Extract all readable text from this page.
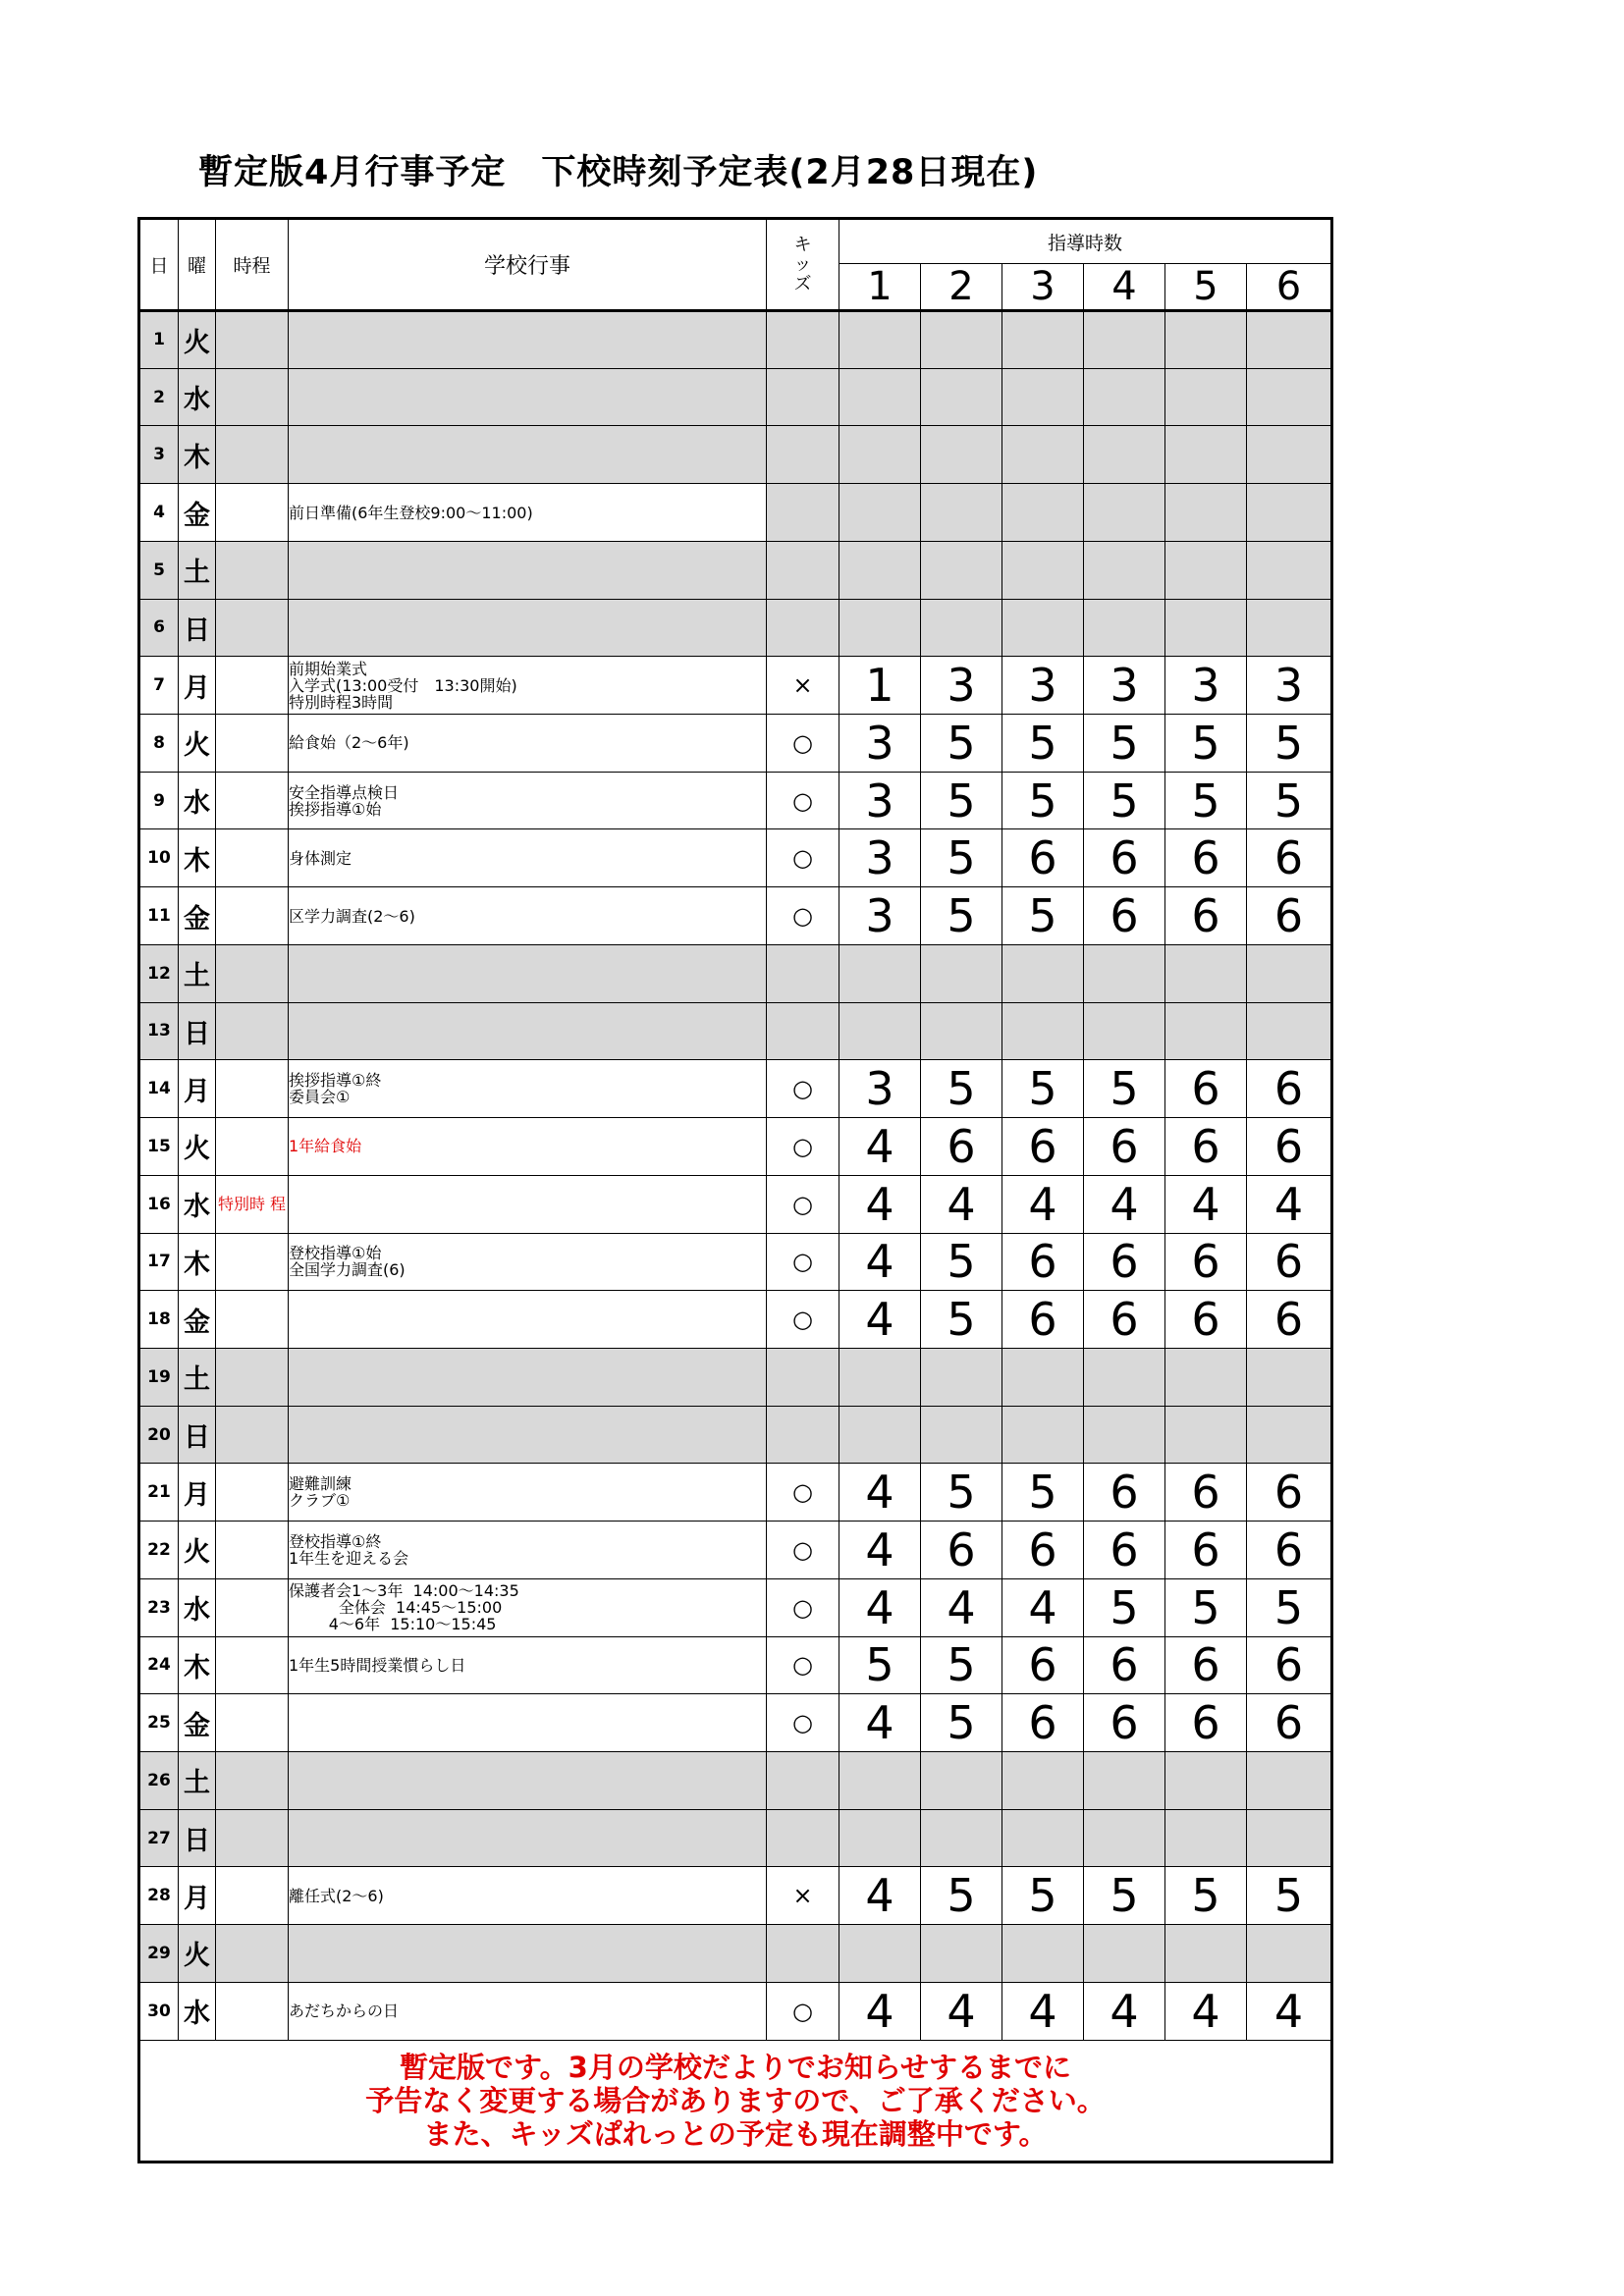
暫定版4月行事予定　下校時刻予定表(2月28日現在)
日	曜	時程	学校行事	キ
ッ
ズ	指導時数					
					1	2	3	4	5	6
1	火									
2	水									
3	木									
4	金		前日準備(6年生登校9:00～11:00)							
5	土									
6	日									
7	月		前期始業式
入学式(13:00受付　13:30開始)
特別時程3時間	×	1	3	3	3	3	3
8	火		給食始（2～6年)	○	3	5	5	5	5	5
9	水		安全指導点検日
挨拶指導①始	○	3	5	5	5	5	5
10	木		身体測定	○	3	5	6	6	6	6
11	金		区学力調査(2～6)	○	3	5	5	6	6	6
12	土									
13	日									
14	月		挨拶指導①終
委員会①	○	3	5	5	5	6	6
15	火		1年給食始	○	4	6	6	6	6	6
16	水	特別時 程		○	4	4	4	4	4	4
17	木		登校指導①始
全国学力調査(6)	○	4	5	6	6	6	6
18	金			○	4	5	6	6	6	6
19	土									
20	日									
21	月		避難訓練
クラブ①	○	4	5	5	6	6	6
22	火		登校指導①終
1年生を迎える会	○	4	6	6	6	6	6
23	水		保護者会1～3年  14:00～14:35
全体会  14:45～15:00
4～6年  15:10～15:45	○	4	4	4	5	5	5
24	木		1年生5時間授業慣らし日	○	5	5	6	6	6	6
25	金			○	4	5	6	6	6	6
26	土									
27	日									
28	月		離任式(2～6)	×	4	5	5	5	5	5
29	火									
30	水		あだちからの日	○	4	4	4	4	4	4

暫定版です。3月の学校だよりでお知らせするまでに
予告なく変更する場合がありますので、ご了承ください。
また、キッズぱれっとの予定も現在調整中です。										
